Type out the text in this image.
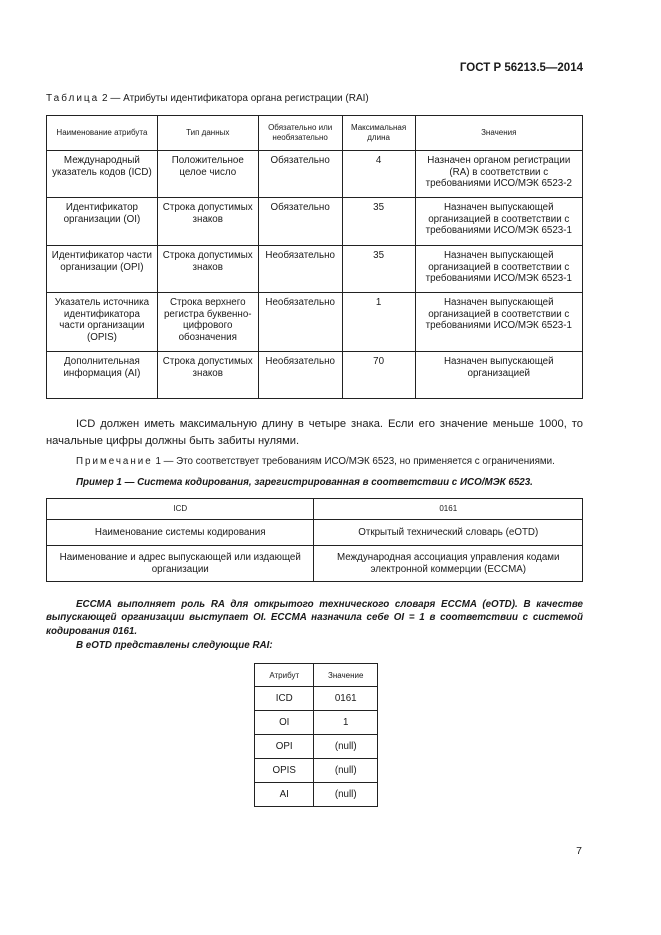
ГОСТ Р 56213.5—2014
Таблица 2 — Атрибуты идентификатора органа регистрации (RAI)
Наименование атрибута	Тип данных	Обязательно или необязательно	Максимальная длина	Значения
Международный указатель кодов (ICD)	Положительное целое число	Обязательно	4	Назначен органом регистрации (RA) в соответствии с требованиями ИСО/МЭК 6523-2
Идентификатор организации (OI)	Строка допустимых знаков	Обязательно	35	Назначен выпускающей организацией в соответствии с требованиями ИСО/МЭК 6523-1
Идентификатор части организации (OPI)	Строка допустимых знаков	Необязательно	35	Назначен выпускающей организацией в соответствии с требованиями ИСО/МЭК 6523-1
Указатель источника идентификатора части организации (OPIS)	Строка верхнего регистра буквенно-цифрового обозначения	Необязательно	1	Назначен выпускающей организацией в соответствии с требованиями ИСО/МЭК 6523-1
Дополнительная информация (AI)	Строка допустимых знаков	Необязательно	70	Назначен выпускающей организацией
ICD должен иметь максимальную длину в четыре знака. Если его значение меньше 1000, то начальные цифры должны быть забиты нулями.
Примечание 1 — Это соответствует требованиям ИСО/МЭК 6523, но применяется с ограничениями.
Пример 1 — Система кодирования, зарегистрированная в соответствии с ИСО/МЭК 6523.
ICD	0161
Наименование системы кодирования	Открытый технический словарь (eOTD)
Наименование и адрес выпускающей или издающей организации	Международная ассоциация управления кодами электронной коммерции (ECCMA)
ECCMA выполняет роль RA для открытого технического словаря ECCMA (eOTD). В качестве выпускающей организации выступает OI. ECCMA назначила себе OI = 1 в соответствии с системой кодирования 0161.
В eOTD представлены следующие RAI:
Атрибут	Значение
ICD	0161
OI	1
OPI	(null)
OPIS	(null)
AI	(null)
7
